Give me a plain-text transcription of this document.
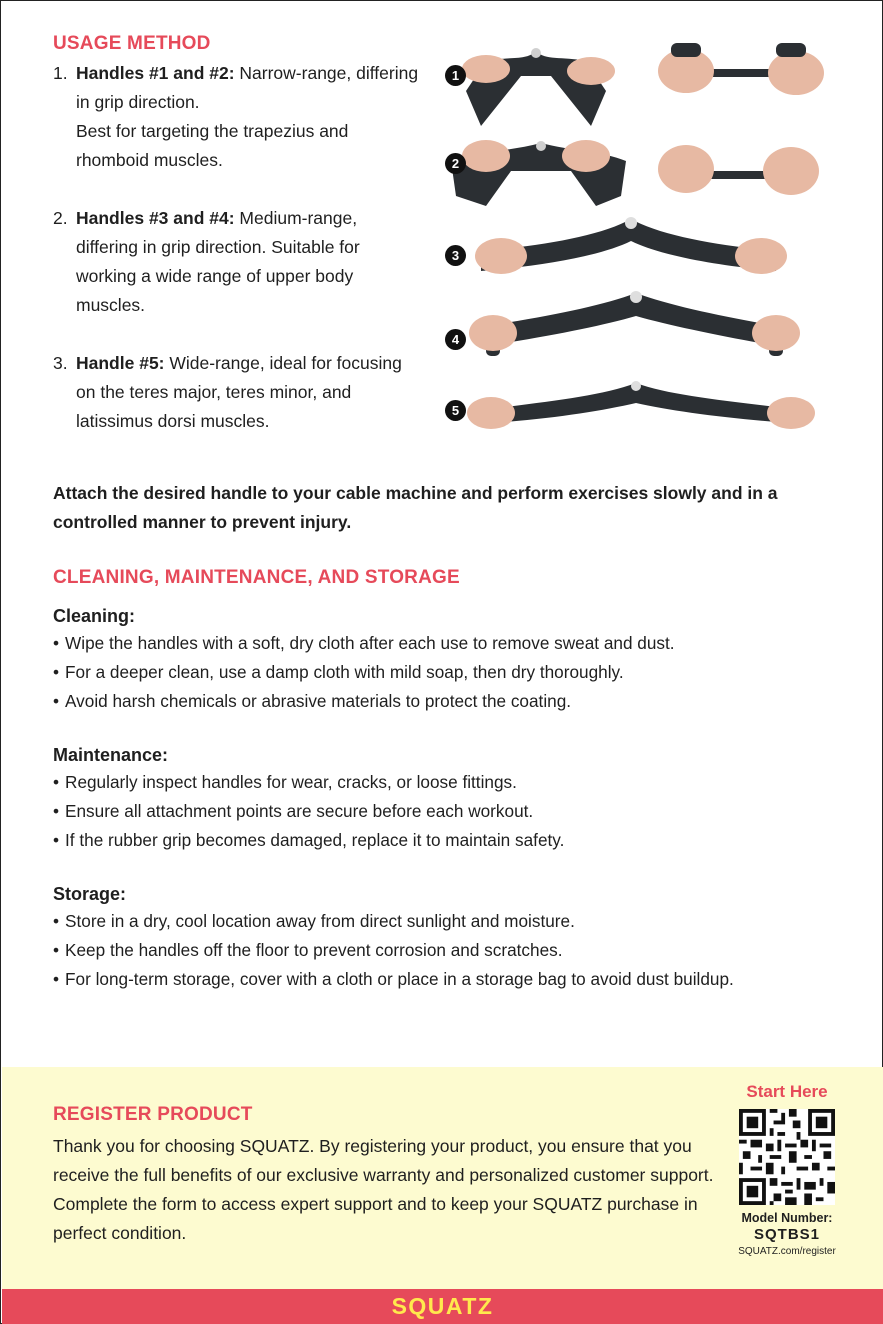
USAGE METHOD
1. Handles #1 and #2: Narrow-range, differing in grip direction.
Best for targeting the trapezius and rhomboid muscles.
2. Handles #3 and #4: Medium-range, differing in grip direction. Suitable for working a wide range of upper body muscles.
3. Handle #5: Wide-range, ideal for focusing on the teres major, teres minor, and latissimus dorsi muscles.
1
2
3
4
5

Attach the desired handle to your cable machine and perform exercises slowly and in a controlled manner to prevent injury.

CLEANING, MAINTENANCE, AND STORAGE
Cleaning:
• Wipe the handles with a soft, dry cloth after each use to remove sweat and dust.
• For a deeper clean, use a damp cloth with mild soap, then dry thoroughly.
• Avoid harsh chemicals or abrasive materials to protect the coating.
Maintenance:
• Regularly inspect handles for wear, cracks, or loose fittings.
• Ensure all attachment points are secure before each workout.
• If the rubber grip becomes damaged, replace it to maintain safety.
Storage:
• Store in a dry, cool location away from direct sunlight and moisture.
• Keep the handles off the floor to prevent corrosion and scratches.
• For long-term storage, cover with a cloth or place in a storage bag to avoid dust buildup.
REGISTER PRODUCT

Thank you for choosing SQUATZ. By registering your product, you ensure that you receive the full benefits of our exclusive warranty and personalized customer support. Complete the form to access expert support and to keep your SQUATZ purchase in perfect condition.

Start Here
Model Number:
SQTBS1
SQUATZ.com/register
SQUATZ
